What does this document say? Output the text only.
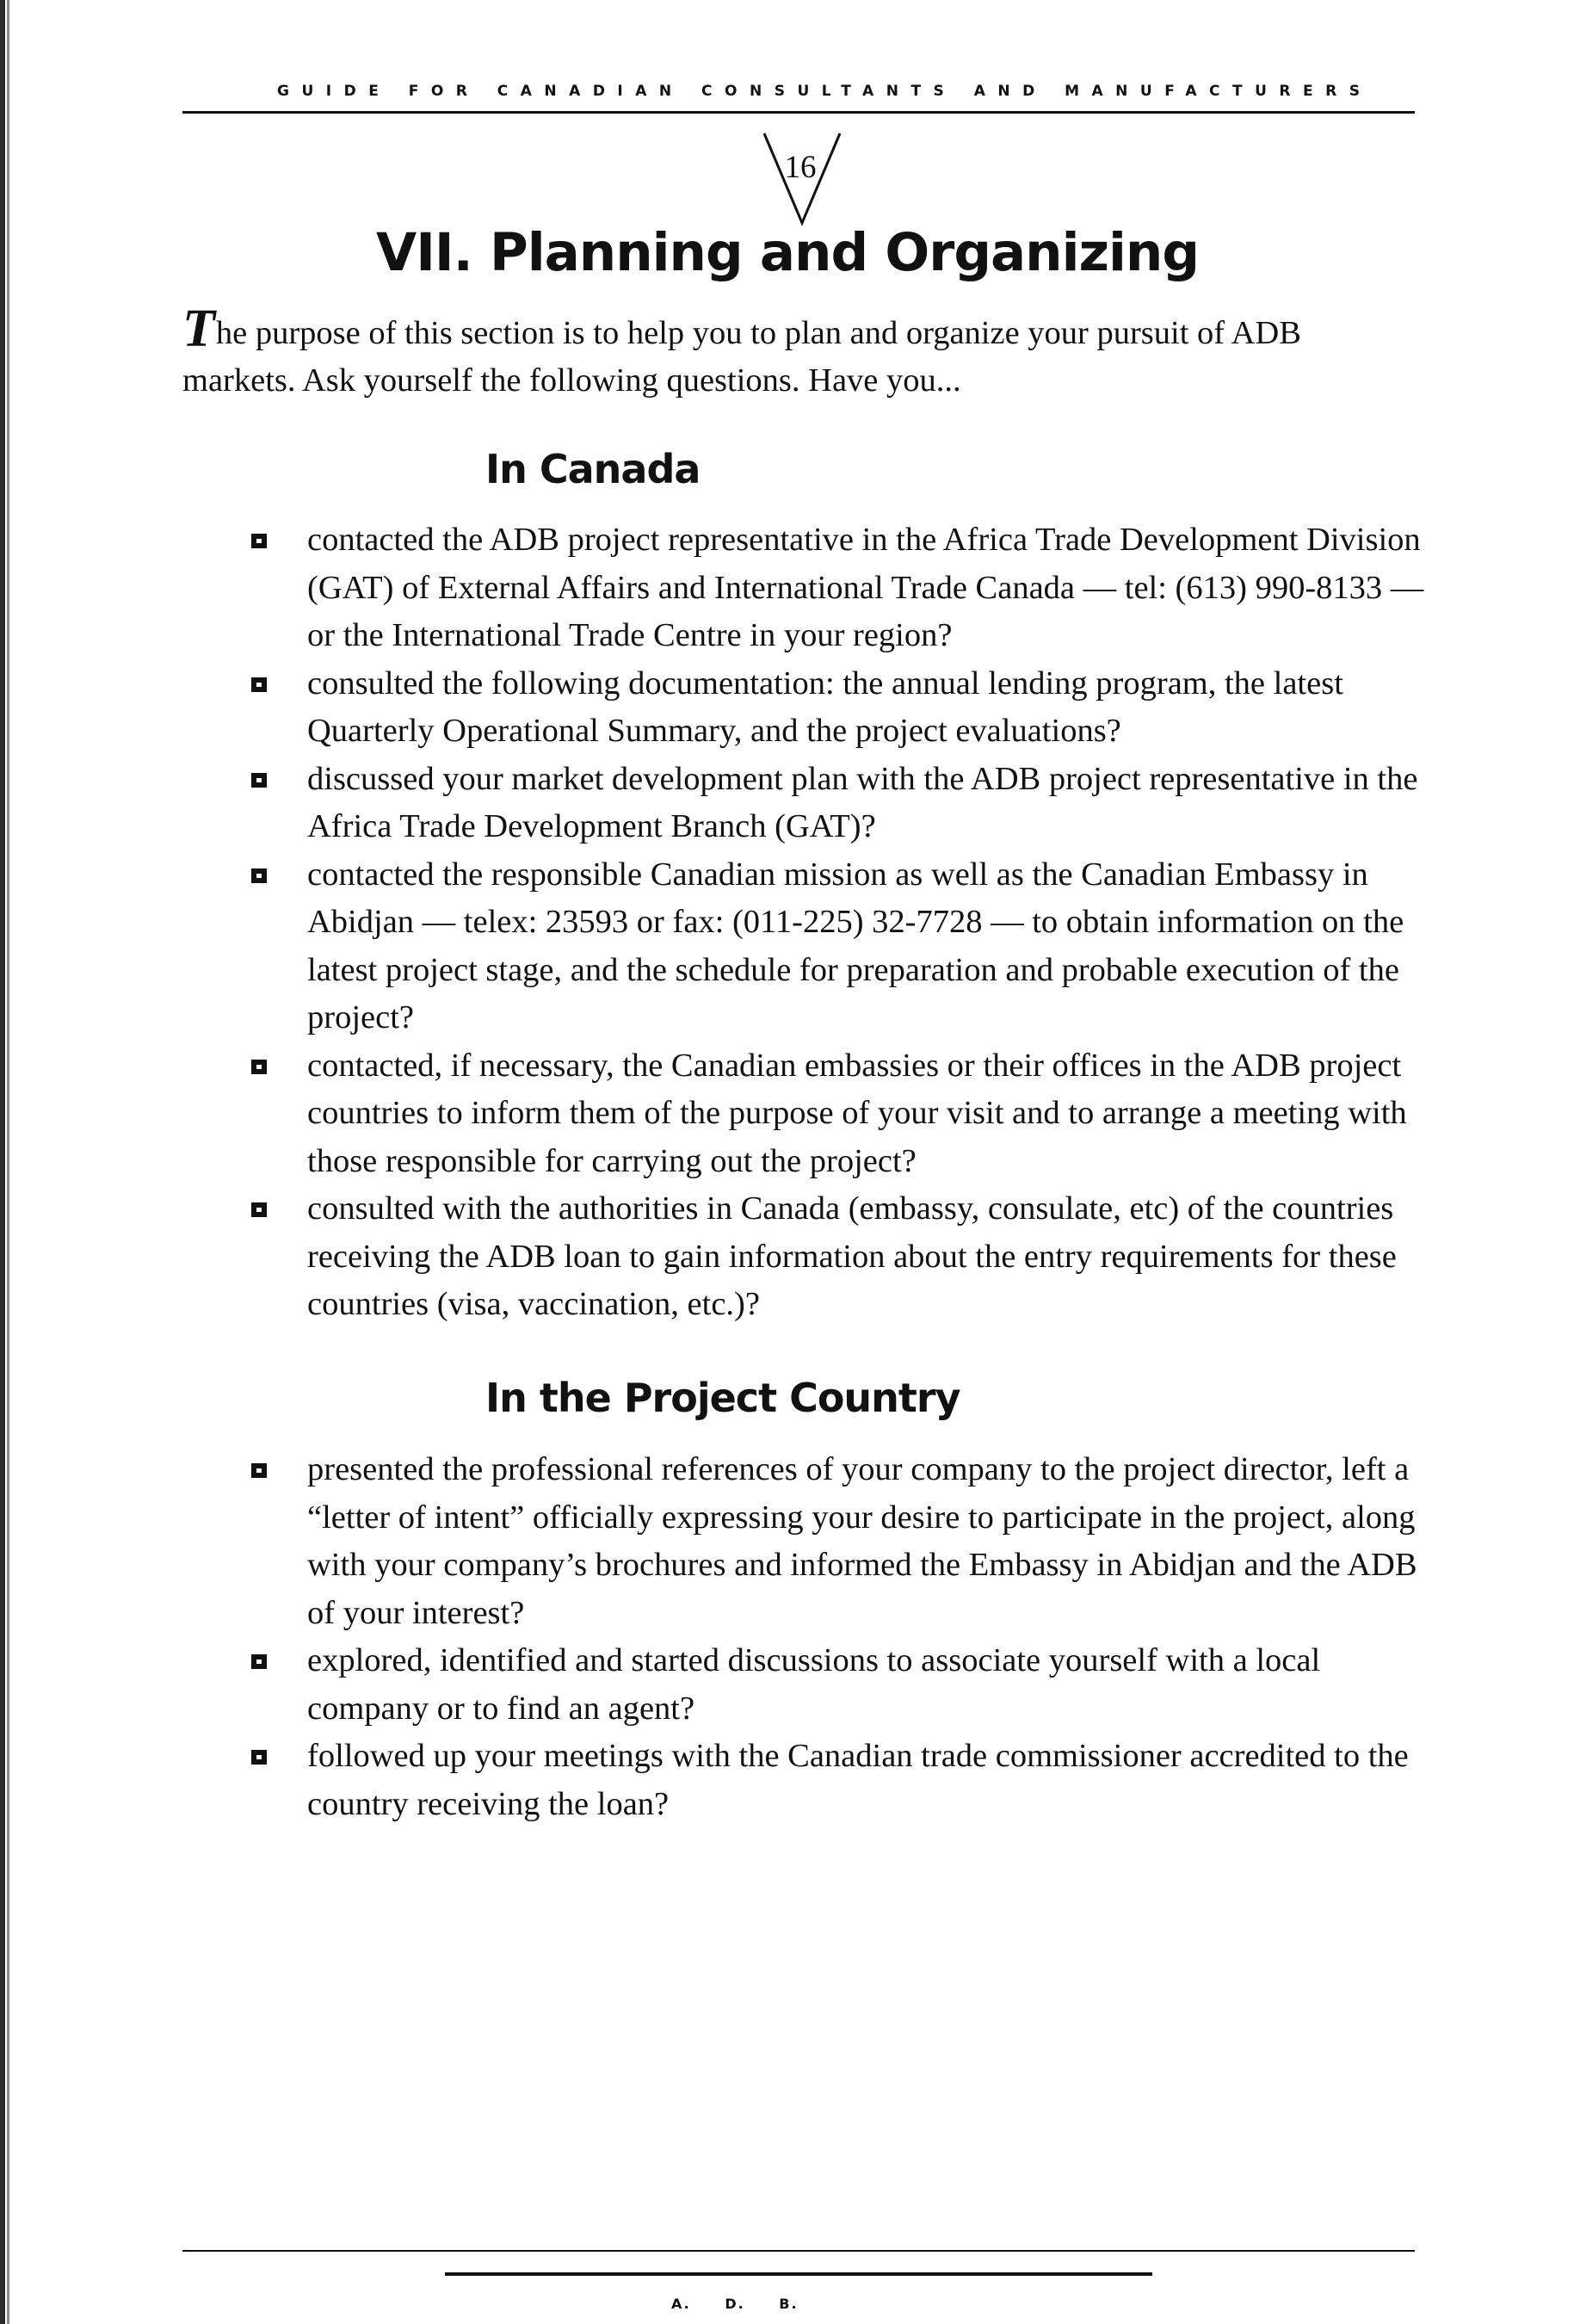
GUIDE FOR CANADIAN CONSULTANTS AND MANUFACTURERS
16
VII. Planning and Organizing
The purpose of this section is to help you to plan and organize your pursuit of ADB markets. Ask yourself the following questions. Have you...
In Canada
contacted the ADB project representative in the Africa Trade Development Division (GAT) of External Affairs and International Trade Canada — tel: (613) 990-8133 — or the International Trade Centre in your region?
consulted the following documentation: the annual lending program, the latest Quarterly Operational Summary, and the project evaluations?
discussed your market development plan with the ADB project representative in the Africa Trade Development Branch (GAT)?
contacted the responsible Canadian mission as well as the Canadian Embassy in Abidjan — telex: 23593 or fax: (011-225) 32-7728 — to obtain information on the latest project stage, and the schedule for preparation and probable execution of the project?
contacted, if necessary, the Canadian embassies or their offices in the ADB project countries to inform them of the purpose of your visit and to arrange a meeting with those responsible for carrying out the project?
consulted with the authorities in Canada (embassy, consulate, etc) of the countries receiving the ADB loan to gain information about the entry requirements for these countries (visa, vaccination, etc.)?
In the Project Country
presented the professional references of your company to the project director, left a “letter of intent” officially expressing your desire to participate in the project, along with your company’s brochures and informed the Embassy in Abidjan and the ADB of your interest?
explored, identified and started discussions to associate yourself with a local company or to find an agent?
followed up your meetings with the Canadian trade commissioner accredited to the country receiving the loan?
A. D. B.
